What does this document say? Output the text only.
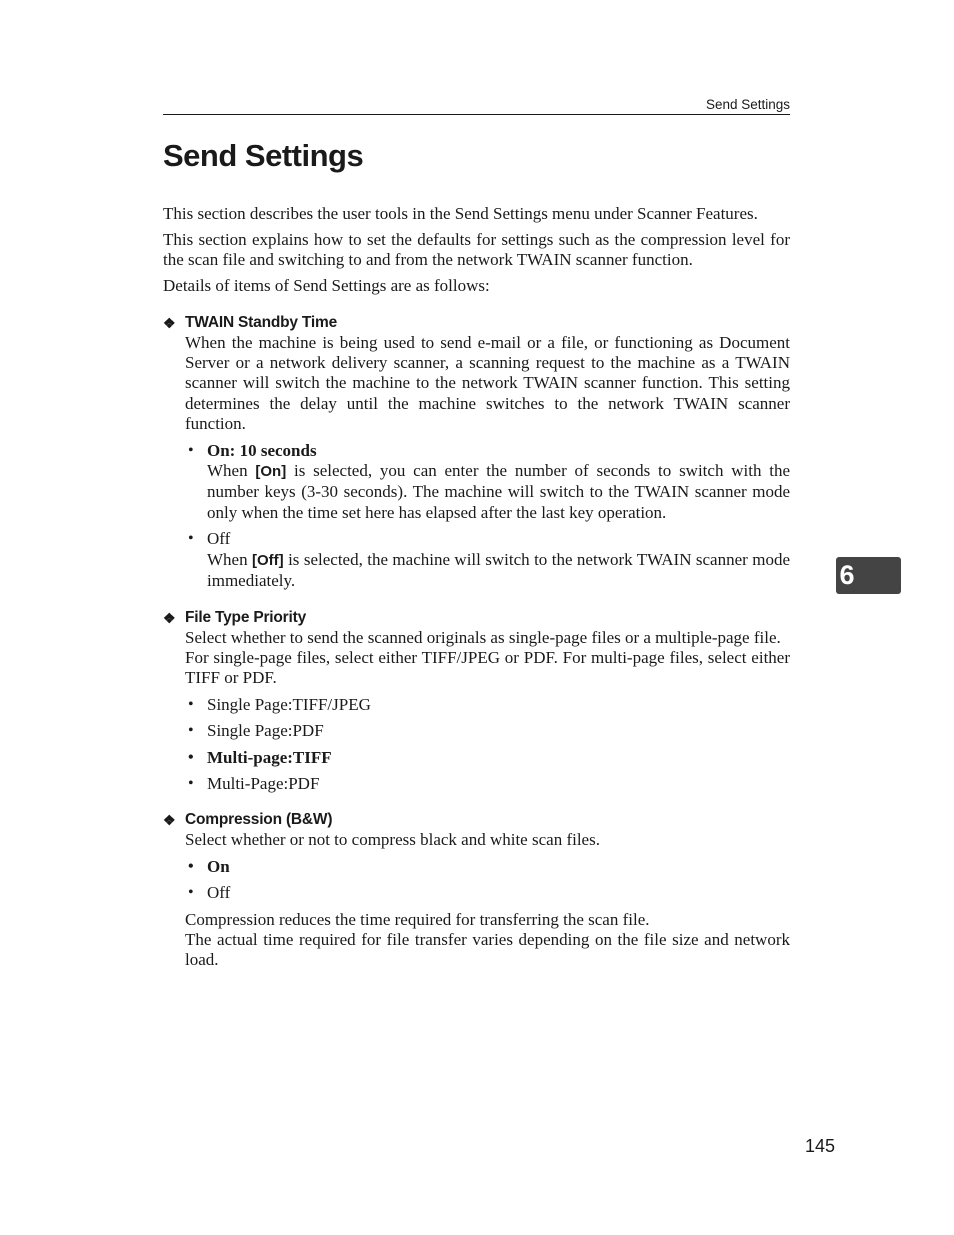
Send Settings
Send Settings

This section describes the user tools in the Send Settings menu under Scanner Features.

This section explains how to set the defaults for settings such as the compression level for the scan file and switching to and from the network TWAIN scanner function.

Details of items of Send Settings are as follows:

❖ TWAIN Standby Time

When the machine is being used to send e-mail or a file, or functioning as Document Server or a network delivery scanner, a scanning request to the machine as a TWAIN scanner will switch the machine to the network TWAIN scanner function. This setting determines the delay until the machine switches to the network TWAIN scanner function.

• On: 10 seconds
When [On] is selected, you can enter the number of seconds to switch with the number keys (3-30 seconds). The machine will switch to the TWAIN scanner mode only when the time set here has elapsed after the last key operation.
• Off
When [Off] is selected, the machine will switch to the network TWAIN scanner mode immediately.
❖ File Type Priority

Select whether to send the scanned originals as single-page files or a multiple-page file.

For single-page files, select either TIFF/JPEG or PDF. For multi-page files, select either TIFF or PDF.

• Single Page:TIFF/JPEG
• Single Page:PDF
• Multi-page:TIFF
• Multi-Page:PDF
❖ Compression (B&W)

Select whether or not to compress black and white scan files.

• On
• Off

Compression reduces the time required for transferring the scan file.

The actual time required for file transfer varies depending on the file size and network load.

6
145
